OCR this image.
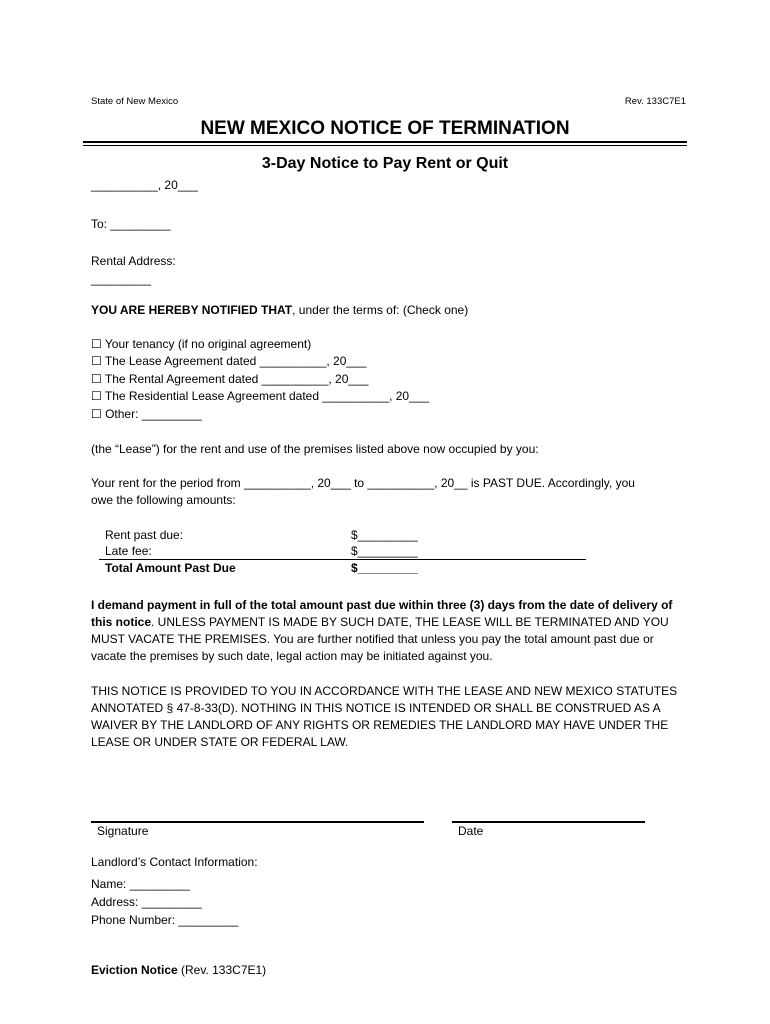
State of New Mexico	Rev. 133C7E1
NEW MEXICO NOTICE OF TERMINATION
3-Day Notice to Pay Rent or Quit
__________, 20___
To: _________
Rental Address:
_________
YOU ARE HEREBY NOTIFIED THAT, under the terms of: (Check one)
☐ Your tenancy (if no original agreement)
☐ The Lease Agreement dated __________, 20___
☐ The Rental Agreement dated __________, 20___
☐ The Residential Lease Agreement dated __________, 20___
☐ Other: _________
(the “Lease”) for the rent and use of the premises listed above now occupied by you:
Your rent for the period from __________, 20___ to __________, 20__ is PAST DUE. Accordingly, you
owe the following amounts:
Rent past due:	$_________
Late fee:	$_________
Total Amount Past Due	$_________
I demand payment in full of the total amount past due within three (3) days from the date of delivery of this notice. UNLESS PAYMENT IS MADE BY SUCH DATE, THE LEASE WILL BE TERMINATED AND YOU MUST VACATE THE PREMISES. You are further notified that unless you pay the total amount past due or vacate the premises by such date, legal action may be initiated against you.
THIS NOTICE IS PROVIDED TO YOU IN ACCORDANCE WITH THE LEASE AND NEW MEXICO STATUTES ANNOTATED § 47-8-33(D). NOTHING IN THIS NOTICE IS INTENDED OR SHALL BE CONSTRUED AS A WAIVER BY THE LANDLORD OF ANY RIGHTS OR REMEDIES THE LANDLORD MAY HAVE UNDER THE LEASE OR UNDER STATE OR FEDERAL LAW.
Signature	Date
Landlord’s Contact Information:
Name: _________
Address: _________
Phone Number: _________
Eviction Notice (Rev. 133C7E1)
